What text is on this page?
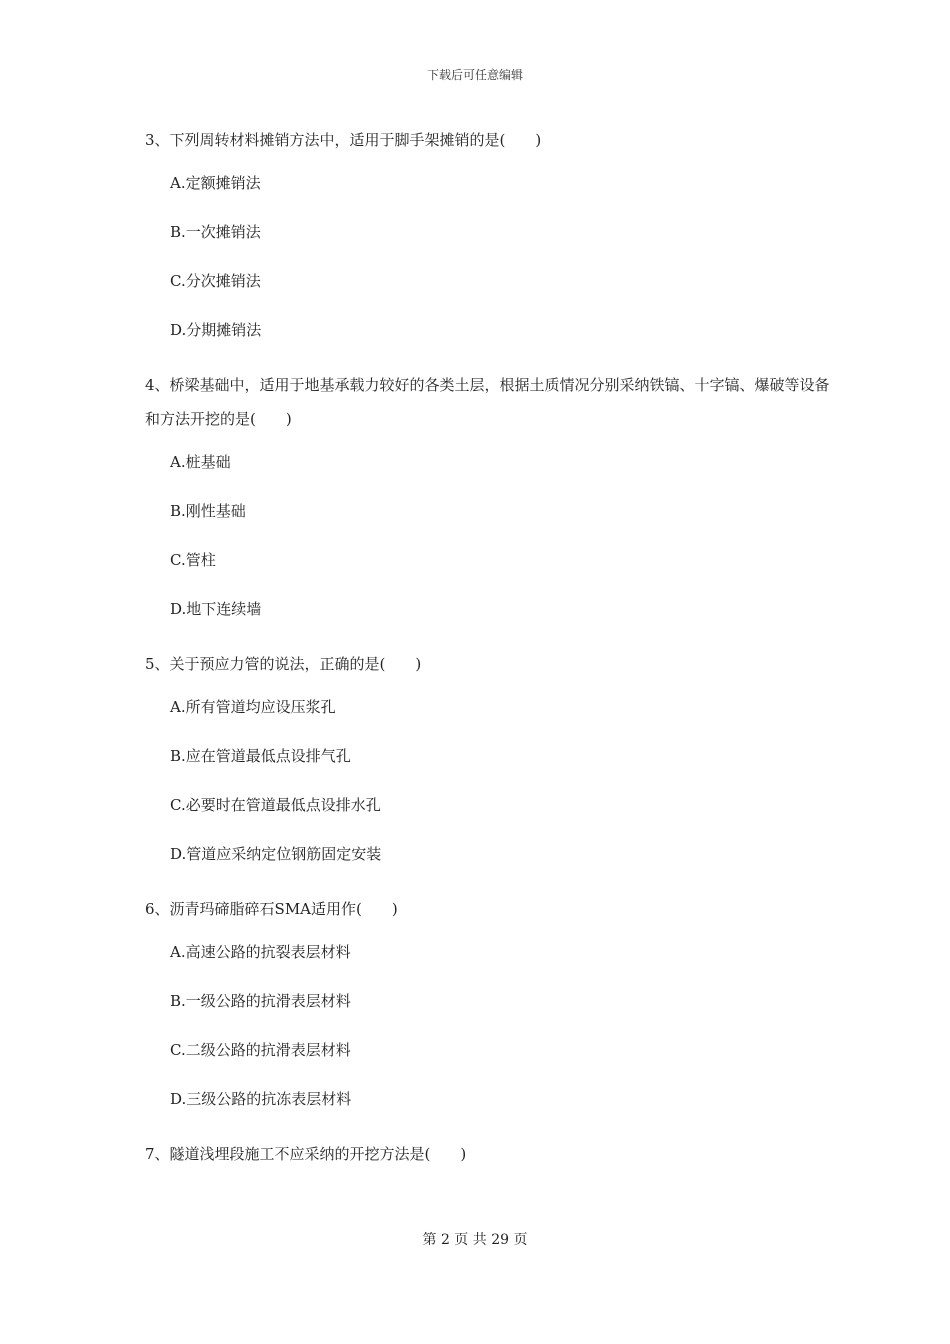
下载后可任意编辑
3、下列周转材料摊销方法中，适用于脚手架摊销的是(　　)
A.定额摊销法
B.一次摊销法
C.分次摊销法
D.分期摊销法
4、桥梁基础中，适用于地基承载力较好的各类土层，根据土质情况分别采纳铁镐、十字镐、爆破等设备和方法开挖的是(　　)
A.桩基础
B.刚性基础
C.管柱
D.地下连续墙
5、关于预应力管的说法，正确的是(　　)
A.所有管道均应设压浆孔
B.应在管道最低点设排气孔
C.必要时在管道最低点设排水孔
D.管道应采纳定位钢筋固定安装
6、沥青玛碲脂碎石SMA适用作(　　)
A.高速公路的抗裂表层材料
B.一级公路的抗滑表层材料
C.二级公路的抗滑表层材料
D.三级公路的抗冻表层材料
7、隧道浅埋段施工不应采纳的开挖方法是(　　)
第 2 页 共 29 页
